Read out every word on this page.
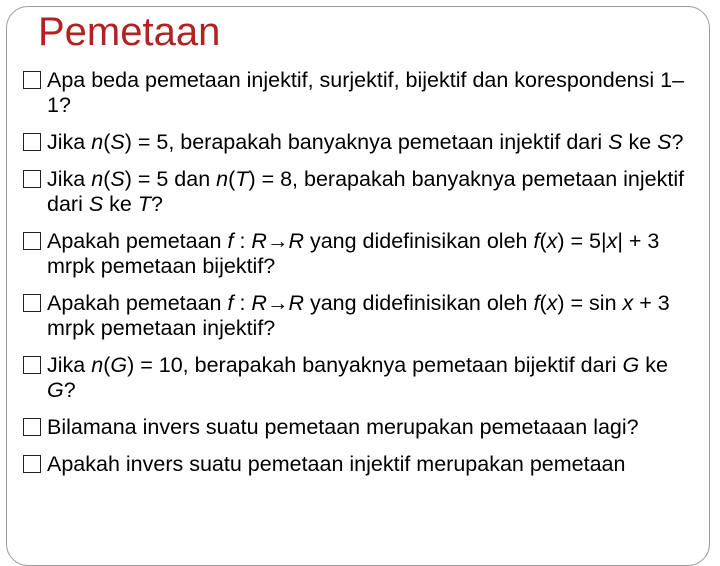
Pemetaan
Apa beda pemetaan injektif, surjektif, bijektif dan korespondensi 1–1?
Jika n(S) = 5, berapakah banyaknya pemetaan injektif dari S ke S?
Jika n(S) = 5 dan n(T) = 8, berapakah banyaknya pemetaan injektif dari S ke T?
Apakah pemetaan f : R→R yang didefinisikan oleh f(x) = 5|x| + 3 mrpk pemetaan bijektif?
Apakah pemetaan f : R→R yang didefinisikan oleh f(x) = sin x + 3 mrpk pemetaan injektif?
Jika n(G) = 10, berapakah banyaknya pemetaan bijektif dari G ke G?
Bilamana invers suatu pemetaan merupakan pemetaaan lagi?
Apakah invers suatu pemetaan injektif merupakan pemetaan
